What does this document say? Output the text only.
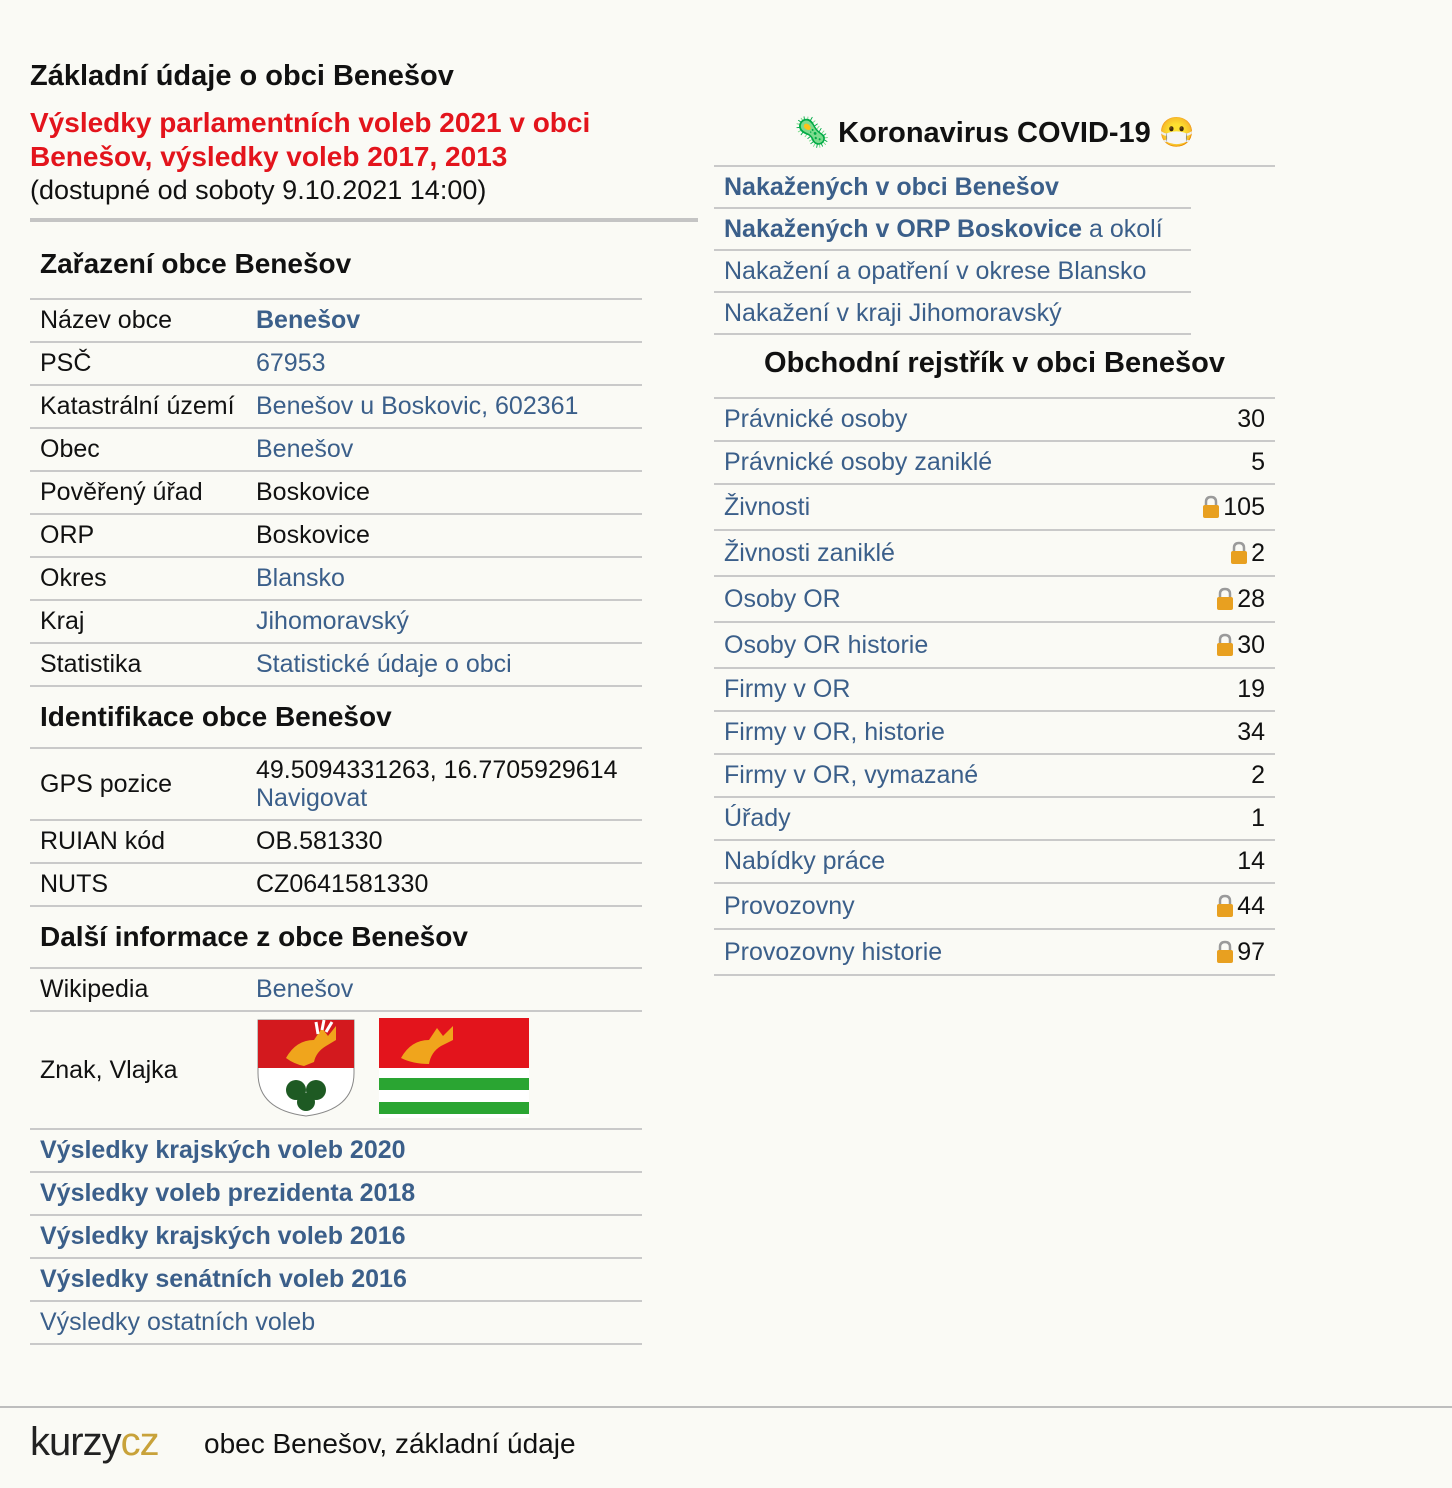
Základní údaje o obci Benešov
Výsledky parlamentních voleb 2021 v obci Benešov, výsledky voleb 2017, 2013
(dostupné od soboty 9.10.2021 14:00)
Zařazení obce Benešov
Název obce	Benešov
PSČ	67953
Katastrální území	Benešov u Boskovic, 602361
Obec	Benešov
Pověřený úřad	Boskovice
ORP	Boskovice
Okres	Blansko
Kraj	Jihomoravský
Statistika	Statistické údaje o obci
Identifikace obce Benešov
GPS pozice	49.5094331263, 16.7705929614
Navigovat
RUIAN kód	OB.581330
NUTS	CZ0641581330
Další informace z obce Benešov
Wikipedia	Benešov
Znak, Vlajka	
Výsledky krajských voleb 2020
Výsledky voleb prezidenta 2018
Výsledky krajských voleb 2016
Výsledky senátních voleb 2016
Výsledky ostatních voleb
🦠 Koronavirus COVID-19 😷
Nakažených v obci Benešov
Nakažených v ORP Boskovice a okolí
Nakažení a opatření v okrese Blansko
Nakažení v kraji Jihomoravský
Obchodní rejstřík v obci Benešov
Právnické osoby	30
Právnické osoby zaniklé	5
Živnosti	105
Živnosti zaniklé	2
Osoby OR	28
Osoby OR historie	30
Firmy v OR	19
Firmy v OR, historie	34
Firmy v OR, vymazané	2
Úřady	1
Nabídky práce	14
Provozovny	44
Provozovny historie	97
kurzycz obec Benešov, základní údaje
